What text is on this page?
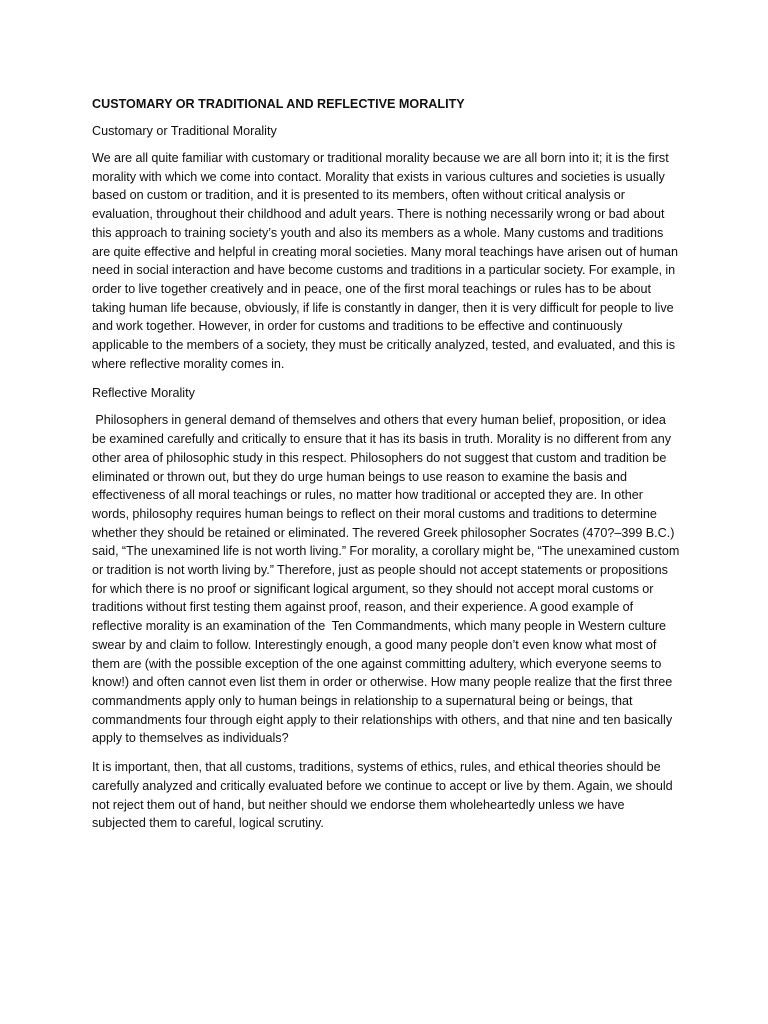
CUSTOMARY OR TRADITIONAL AND REFLECTIVE MORALITY
Customary or Traditional Morality

We are all quite familiar with customary or traditional morality because we are all born into it; it is the first morality with which we come into contact. Morality that exists in various cultures and societies is usually based on custom or tradition, and it is presented to its members, often without critical analysis or evaluation, throughout their childhood and adult years. There is nothing necessarily wrong or bad about this approach to training society’s youth and also its members as a whole. Many customs and traditions are quite effective and helpful in creating moral societies. Many moral teachings have arisen out of human need in social interaction and have become customs and traditions in a particular society. For example, in order to live together creatively and in peace, one of the first moral teachings or rules has to be about taking human life because, obviously, if life is constantly in danger, then it is very difficult for people to live and work together. However, in order for customs and traditions to be effective and continuously applicable to the members of a society, they must be critically analyzed, tested, and evaluated, and this is where reflective morality comes in.

Reflective Morality

Philosophers in general demand of themselves and others that every human belief, proposition, or idea be examined carefully and critically to ensure that it has its basis in truth. Morality is no different from any other area of philosophic study in this respect. Philosophers do not suggest that custom and tradition be eliminated or thrown out, but they do urge human beings to use reason to examine the basis and effectiveness of all moral teachings or rules, no matter how traditional or accepted they are. In other words, philosophy requires human beings to reflect on their moral customs and traditions to determine whether they should be retained or eliminated. The revered Greek philosopher Socrates (470?–399 B.C.) said, “The unexamined life is not worth living.” For morality, a corollary might be, “The unexamined custom or tradition is not worth living by.” Therefore, just as people should not accept statements or propositions for which there is no proof or significant logical argument, so they should not accept moral customs or traditions without first testing them against proof, reason, and their experience. A good example of reflective morality is an examination of the  Ten Commandments, which many people in Western culture swear by and claim to follow. Interestingly enough, a good many people don’t even know what most of them are (with the possible exception of the one against committing adultery, which everyone seems to know!) and often cannot even list them in order or otherwise. How many people realize that the first three commandments apply only to human beings in relationship to a supernatural being or beings, that commandments four through eight apply to their relationships with others, and that nine and ten basically apply to themselves as individuals?

It is important, then, that all customs, traditions, systems of ethics, rules, and ethical theories should be carefully analyzed and critically evaluated before we continue to accept or live by them. Again, we should not reject them out of hand, but neither should we endorse them wholeheartedly unless we have subjected them to careful, logical scrutiny.
